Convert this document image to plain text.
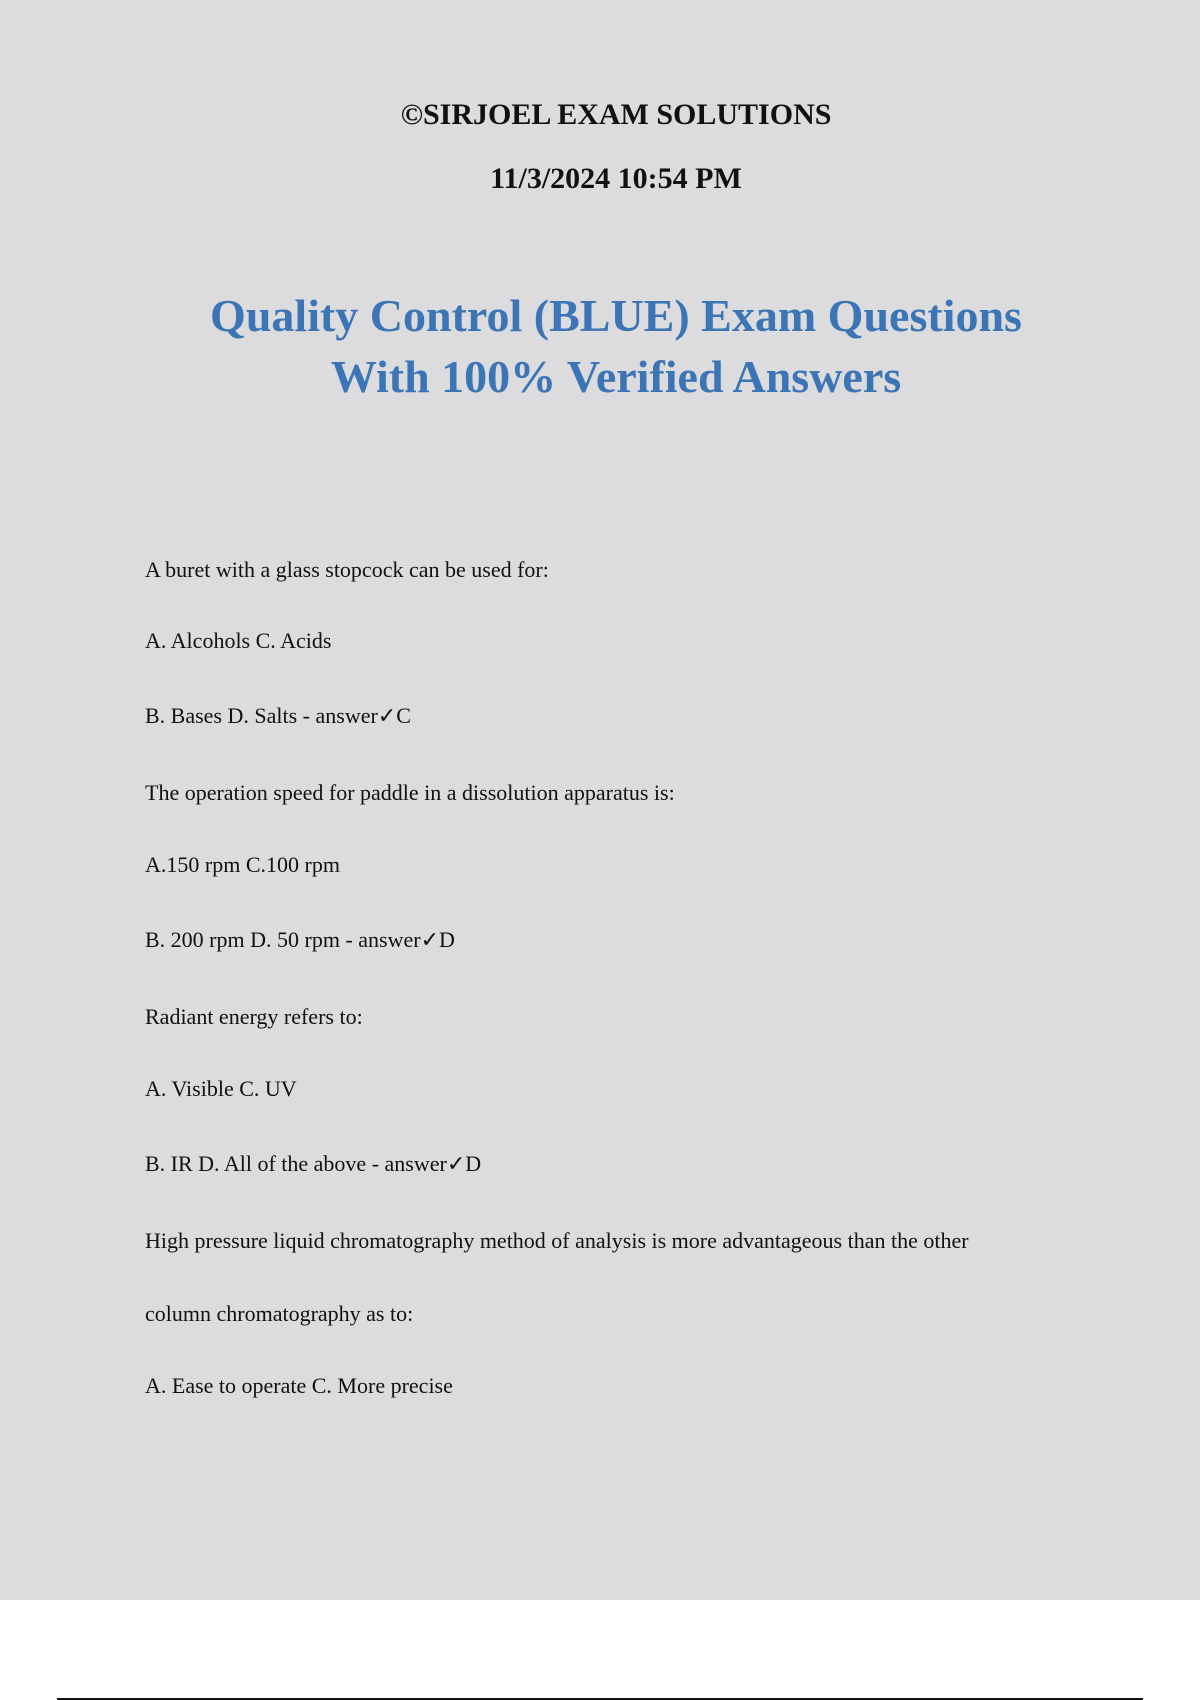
©SIRJOEL EXAM SOLUTIONS
11/3/2024 10:54 PM
Quality Control (BLUE) Exam Questions
With 100% Verified Answers
A buret with a glass stopcock can be used for:
A. Alcohols C. Acids
B. Bases D. Salts - answer✓C
The operation speed for paddle in a dissolution apparatus is:
A.150 rpm C.100 rpm
B. 200 rpm D. 50 rpm - answer✓D
Radiant energy refers to:
A. Visible C. UV
B. IR D. All of the above - answer✓D
High pressure liquid chromatography method of analysis is more advantageous than the other
column chromatography as to:
A. Ease to operate C. More precise
